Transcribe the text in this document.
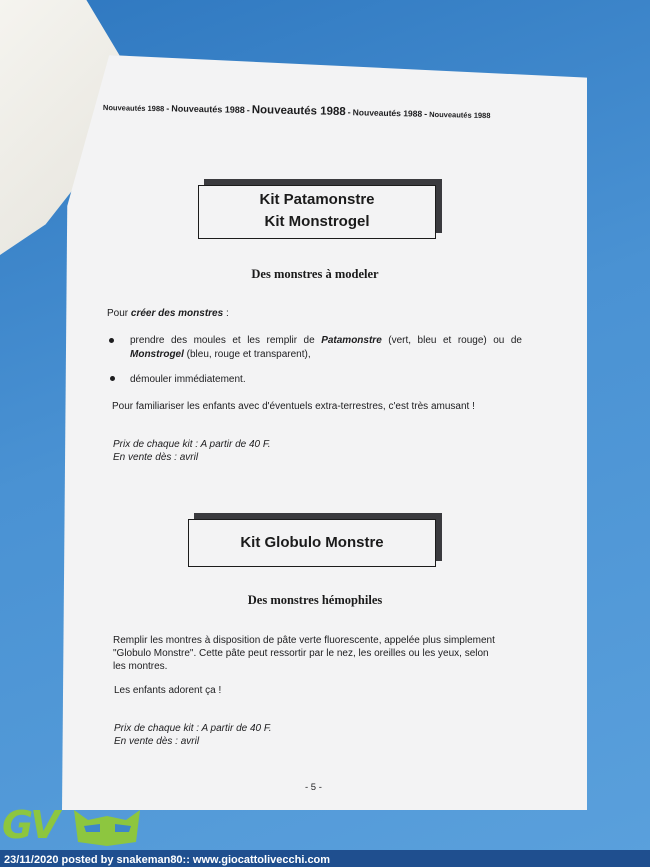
Nouveautés 1988 - Nouveautés 1988 - Nouveautés 1988 - Nouveautés 1988 - Nouveautés 1988
Kit Patamonstre
Kit Monstrogel
Des monstres à modeler
Pour créer des monstres :
prendre des moules et les remplir de Patamonstre (vert, bleu et rouge) ou de
Monstrogel (bleu, rouge et transparent),
démouler immédiatement.
Pour familiariser les enfants avec d'éventuels extra-terrestres, c'est très amusant !
Prix de chaque kit : A partir de 40 F.
En vente dès : avril
Kit Globulo Monstre
Des monstres hémophiles
Remplir les montres à disposition de pâte verte fluorescente, appelée plus simplement
"Globulo Monstre". Cette pâte peut ressortir par le nez, les oreilles ou les yeux, selon
les montres.
Les enfants adorent ça !
Prix de chaque kit : A partir de 40 F.
En vente dès : avril
- 5 -
GV
23/11/2020 posted by snakeman80:: www.giocattolivecchi.com
